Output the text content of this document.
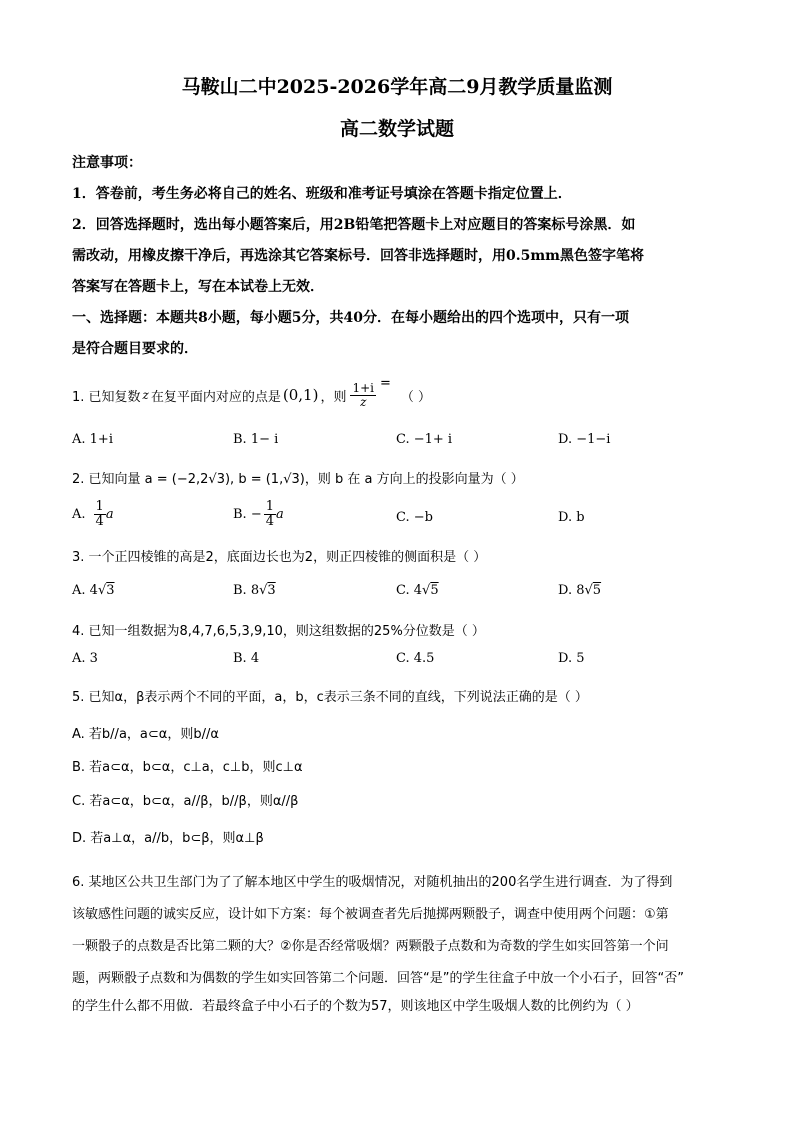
马鞍山二中2025-2026学年高二9月教学质量监测
高二数学试题
注意事项：
1．答卷前，考生务必将自己的姓名、班级和准考证号填涂在答题卡指定位置上．
2．回答选择题时，选出每小题答案后，用2B铅笔把答题卡上对应题目的答案标号涂黑．如
需改动，用橡皮擦干净后，再选涂其它答案标号．回答非选择题时，用0.5mm黑色签字笔将
答案写在答题卡上，写在本试卷上无效．
一、选择题：本题共8小题，每小题5分，共40分．在每小题给出的四个选项中，只有一项
是符合题目要求的．
1. 已知复数 z 在复平面内对应的点是 (0,1) ，则 $\frac{1+i}{z}$ =
（ ）
A. 1+i	B. 1− i	C. −1+ i	D. −1−i
2. 已知向量 a = (−2,2√3), b = (1,√3)，则 b 在 a 方向上的投影向量为（ ）
A. $\frac{1}{4}$ a	B. − $\frac{1}{4}$ a	C. −b	D. b
3. 一个正四棱锥的高是2，底面边长也为2，则正四棱锥的侧面积是（ ）
A. 4√3	B. 8√3	C. 4√5	D. 8√5
4. 已知一组数据为8,4,7,6,5,3,9,10，则这组数据的25%分位数是（ ）
A. 3	B. 4	C. 4.5	D. 5
5. 已知α，β表示两个不同的平面，a，b，c表示三条不同的直线，下列说法正确的是（ ）
A. 若b//a，a⊂α，则b//α
B. 若a⊂α，b⊂α，c⊥a，c⊥b，则c⊥α
C. 若a⊂α，b⊂α，a//β，b//β，则α//β
D. 若a⊥α，a//b，b⊂β，则α⊥β
6. 某地区公共卫生部门为了了解本地区中学生的吸烟情况，对随机抽出的200名学生进行调查．为了得到
该敏感性问题的诚实反应，设计如下方案：每个被调查者先后抛掷两颗骰子，调查中使用两个问题：①第
一颗骰子的点数是否比第二颗的大？②你是否经常吸烟？两颗骰子点数和为奇数的学生如实回答第一个问
题，两颗骰子点数和为偶数的学生如实回答第二个问题．回答“是”的学生往盒子中放一个小石子，回答“否”
的学生什么都不用做．若最终盒子中小石子的个数为57，则该地区中学生吸烟人数的比例约为（ ）
